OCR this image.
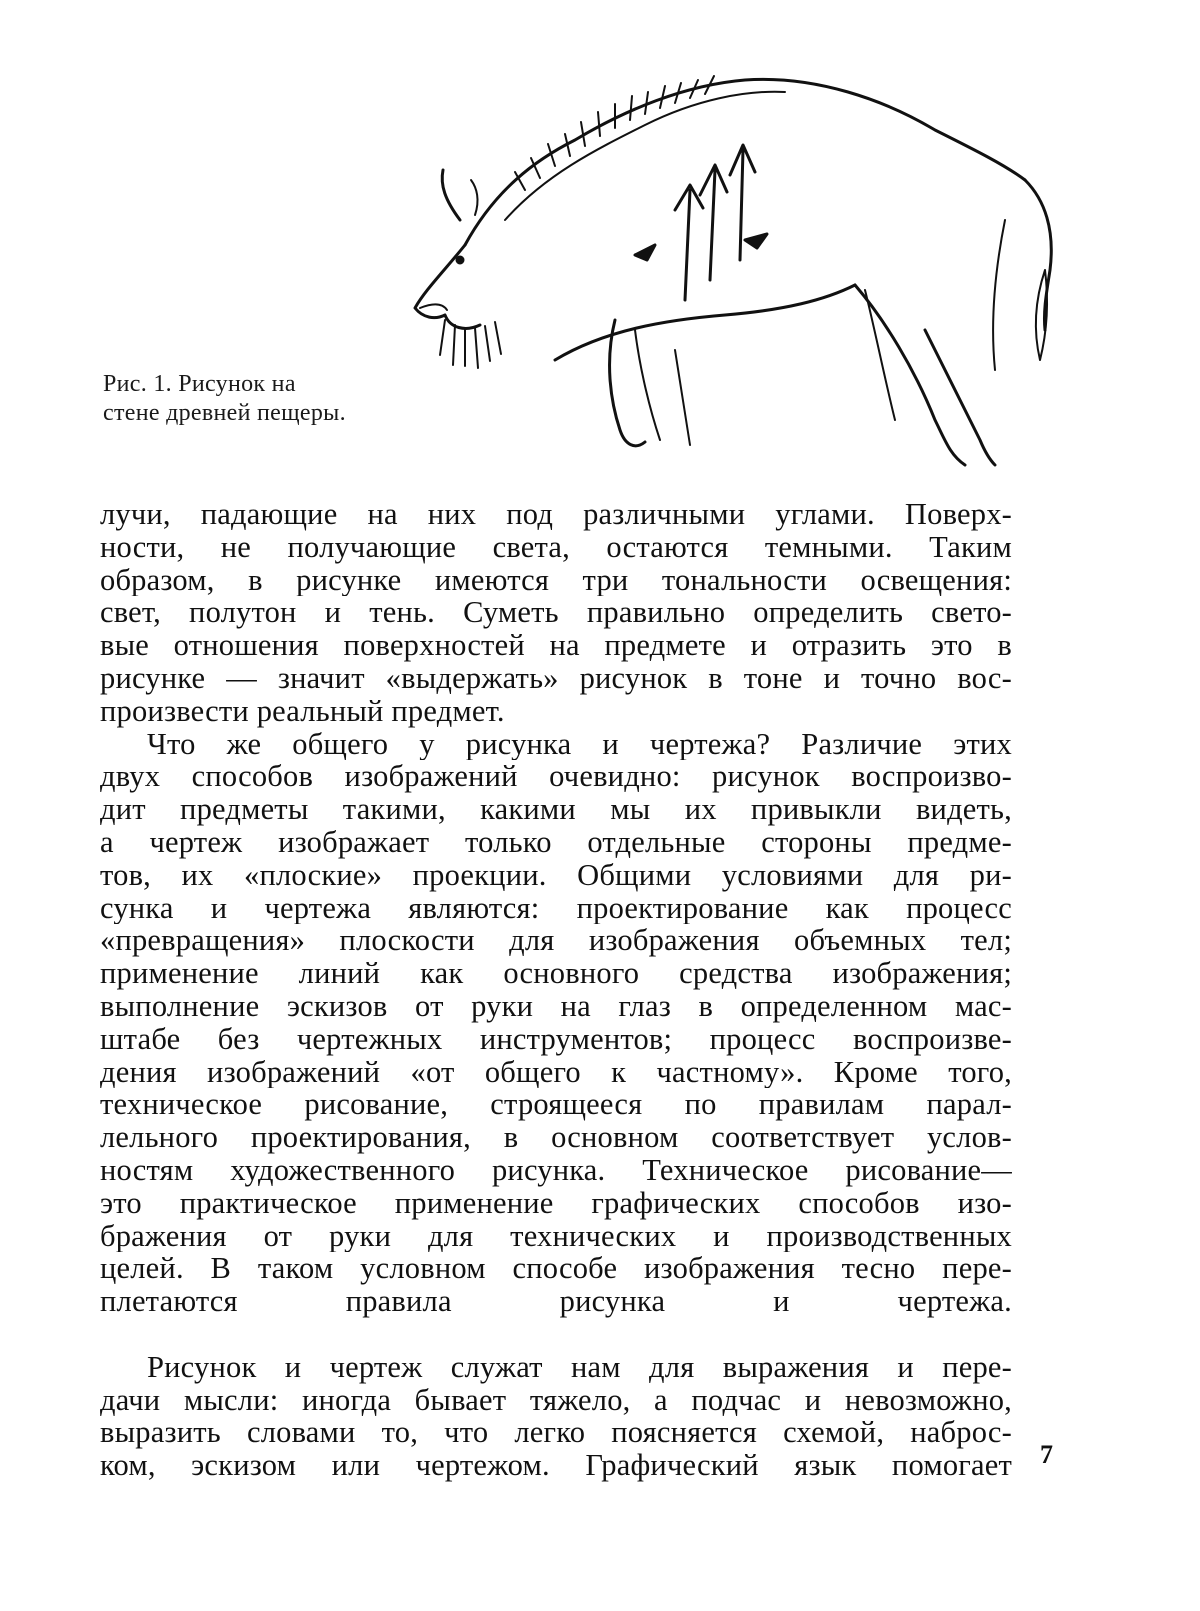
Рис. 1. Рисунок на
стене древней пещеры.
лучи, падающие на них под различными углами. Поверх-
ности, не получающие света, остаются темными. Таким
образом, в рисунке имеются три тональности освещения:
свет, полутон и тень. Суметь правильно определить свето-
вые отношения поверхностей на предмете и отразить это в
рисунке — значит «выдержать» рисунок в тоне и точно вос-
произвести реальный предмет.
Что же общего у рисунка и чертежа? Различие этих
двух способов изображений очевидно: рисунок воспроизво-
дит предметы такими, какими мы их привыкли видеть,
а чертеж изображает только отдельные стороны предме-
тов, их «плоские» проекции. Общими условиями для ри-
сунка и чертежа являются: проектирование как процесс
«превращения» плоскости для изображения объемных тел;
применение линий как основного средства изображения;
выполнение эскизов от руки на глаз в определенном мас-
штабе без чертежных инструментов; процесс воспроизве-
дения изображений «от общего к частному». Кроме того,
техническое рисование, строящееся по правилам парал-
лельного проектирования, в основном соответствует услов-
ностям художественного рисунка. Техническое рисование—
это практическое применение графических способов изо-
бражения от руки для технических и производственных
целей. В таком условном способе изображения тесно пере-
плетаются правила рисунка и чертежа.
Рисунок и чертеж служат нам для выражения и пере-
дачи мысли: иногда бывает тяжело, а подчас и невозможно,
выразить словами то, что легко поясняется схемой, наброс-
ком, эскизом или чертежом. Графический язык помогает 7
